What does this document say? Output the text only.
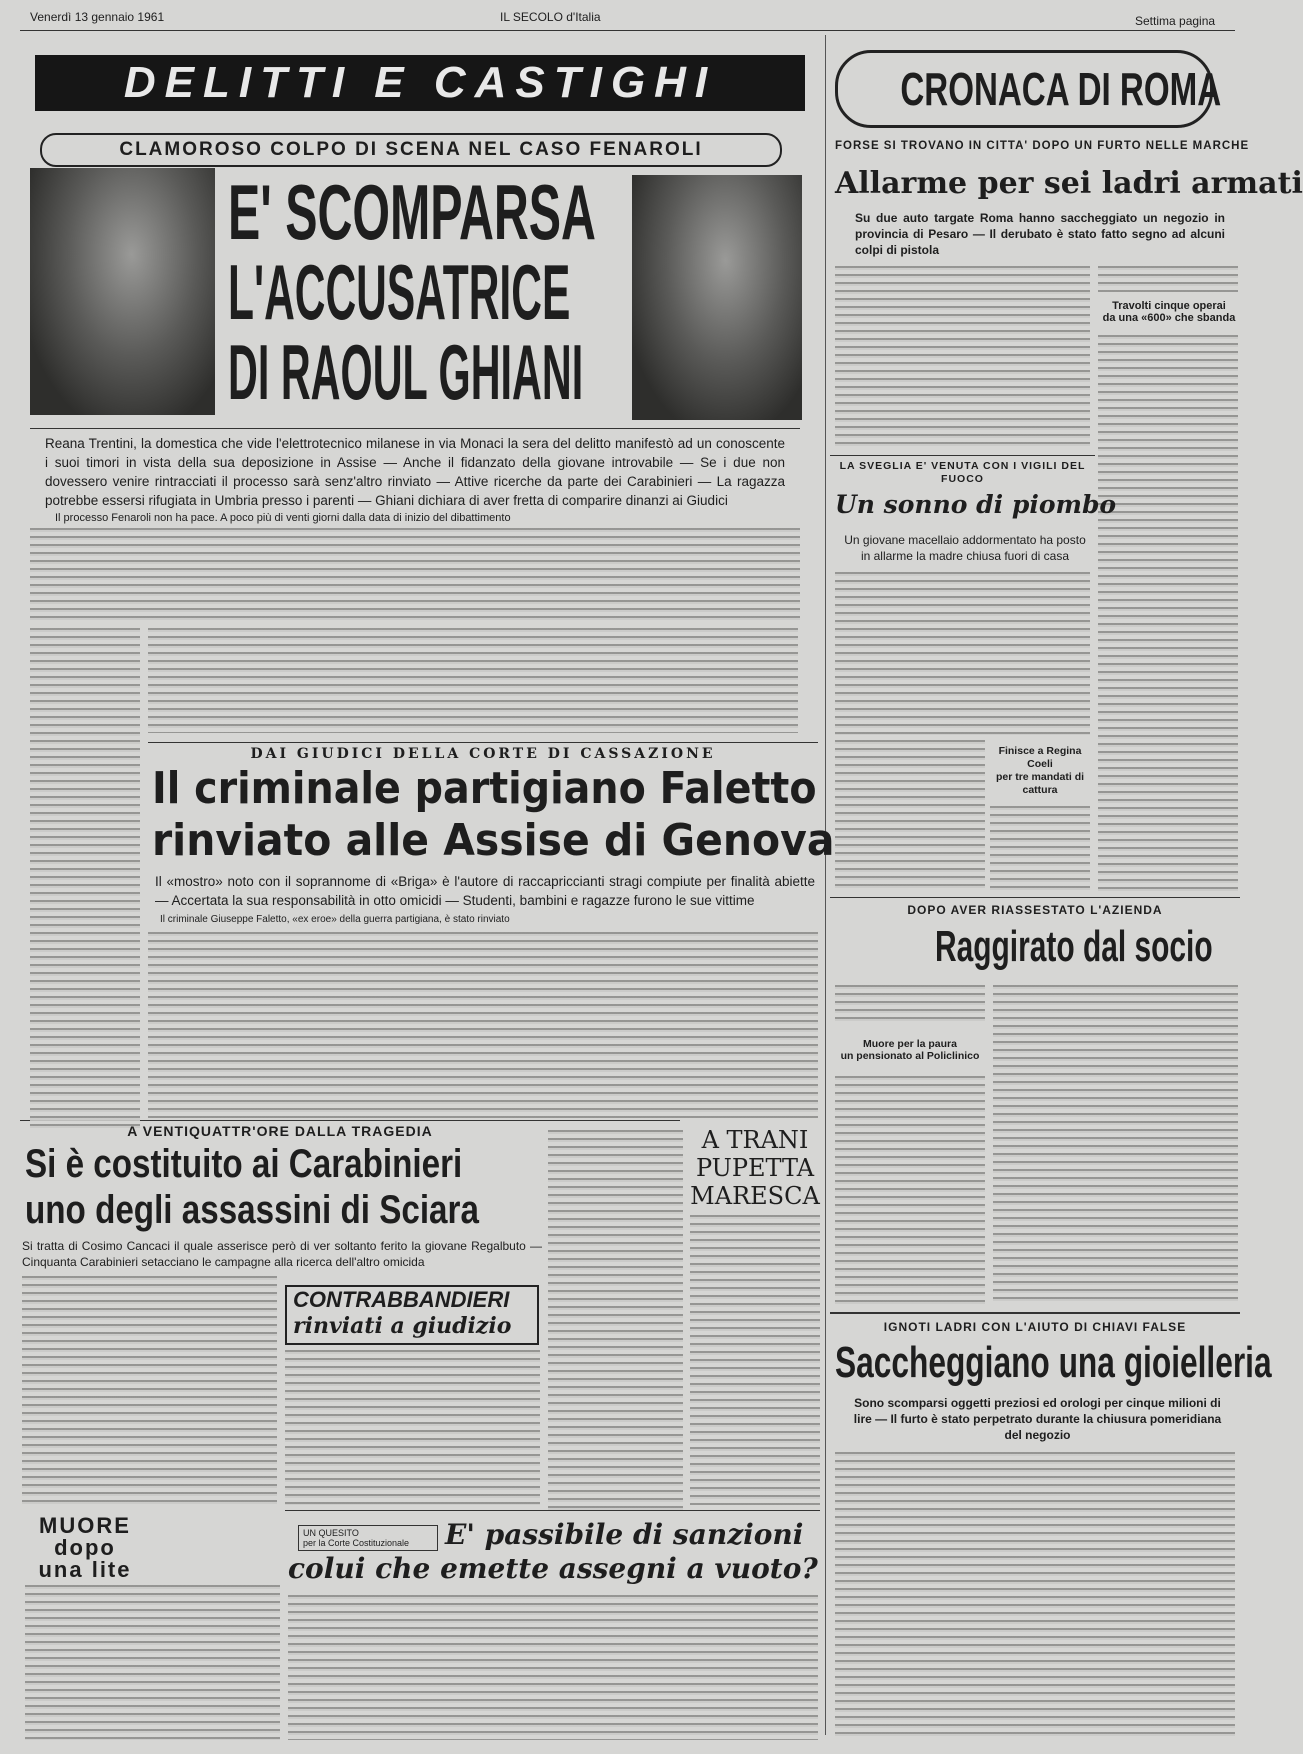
Venerdì 13 gennaio 1961	IL SECOLO d'Italia	Settima pagina
DELITTI E CASTIGHI
CLAMOROSO COLPO DI SCENA NEL CASO FENAROLI
E' SCOMPARSA
L'ACCUSATRICE
DI RAOUL GHIANI
Reana Trentini, la domestica che vide l'elettrotecnico milanese in via Monaci la sera del delitto manifestò ad un conoscente i suoi timori in vista della sua deposizione in Assise — Anche il fidanzato della giovane introvabile — Se i due non dovessero venire rintracciati il processo sarà senz'altro rinviato — Attive ricerche da parte dei Carabinieri — La ragazza potrebbe essersi rifugiata in Umbria presso i parenti — Ghiani dichiara di aver fretta di comparire dinanzi ai Giudici
Il processo Fenaroli non ha pace. A poco più di venti giorni dalla data di inizio del dibattimento
DAI GIUDICI DELLA CORTE DI CASSAZIONE
Il criminale partigiano Faletto
rinviato alle Assise di Genova
Il «mostro» noto con il soprannome di «Briga» è l'autore di raccapriccianti stragi compiute per finalità abiette — Accertata la sua responsabilità in otto omicidi — Studenti, bambini e ragazze furono le sue vittime
Il criminale Giuseppe Faletto, «ex eroe» della guerra partigiana, è stato rinviato
A VENTIQUATTR'ORE DALLA TRAGEDIA
Si è costituito ai Carabinieri
uno degli assassini di Sciara
Si tratta di Cosimo Cancaci il quale asserisce però di ver soltanto ferito la giovane Regalbuto — Cinquanta Carabinieri setacciano le campagne alla ricerca dell'altro omicida
A TRANI
PUPETTA
MARESCA
CONTRABBANDIERI
rinviati a giudizio
MUORE
dopo
una lite
UN QUESITO
per la Corte Costituzionale	E' passibile di sanzioni
colui che emette assegni a vuoto?
CRONACA DI ROMA
FORSE SI TROVANO IN CITTA' DOPO UN FURTO NELLE MARCHE
Allarme per sei ladri armati
Su due auto targate Roma hanno saccheggiato un negozio in provincia di Pesaro — Il derubato è stato fatto segno ad alcuni colpi di pistola
Travolti cinque operai
da una «600» che sbanda
LA SVEGLIA E' VENUTA CON I VIGILI DEL FUOCO
Un sonno di piombo
Un giovane macellaio addormentato ha posto in allarme la madre chiusa fuori di casa
Finisce a Regina Coeli
per tre mandati di cattura
DOPO AVER RIASSESTATO L'AZIENDA
Raggirato dal socio
Muore per la paura
un pensionato al Policlinico
IGNOTI LADRI CON L'AIUTO DI CHIAVI FALSE
Saccheggiano una gioielleria
Sono scomparsi oggetti preziosi ed orologi per cinque milioni di lire — Il furto è stato perpetrato durante la chiusura pomeridiana del negozio
